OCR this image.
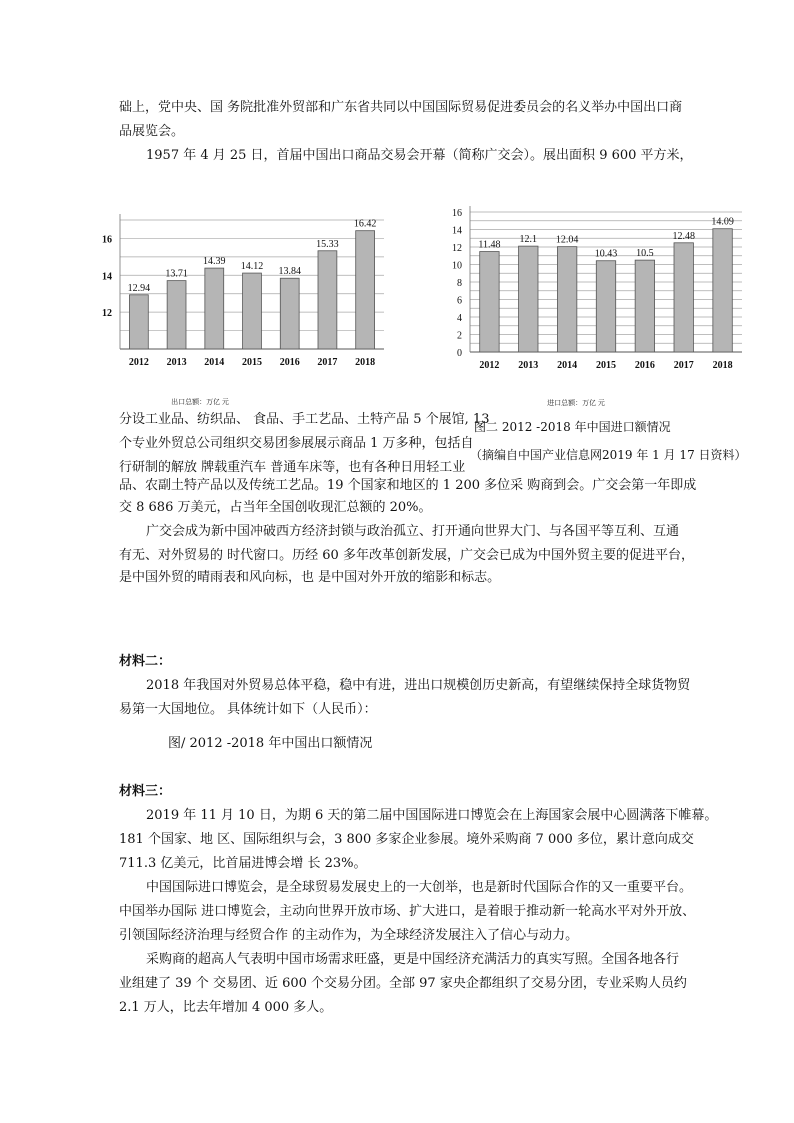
础上，党中央、国 务院批准外贸部和广东省共同以中国国际贸易促进委员会的名义举办中国出口商
品展览会。
1957 年 4 月 25 日，首届中国出口商品交易会开幕（简称广交会）。展出面积 9 600 平方米，
16
14
12
12.94
2012
13.71
2013
14.39
2014
14.12
2015
13.84
2016
15.33
2017
16.42
2018
出口总额：万亿 元
0
2
4
6
8
10
12
14
16
11.48
2012
12.1
2013
12.04
2014
10.43
2015
10.5
2016
12.48
2017
14.09
2018
进口总额：万亿 元
分设工业品、纺织品、 食品、手工艺品、土特产品 5 个展馆, 13
个专业外贸总公司组织交易团参展展示商品 1 万多种，包括自
行研制的解放 牌载重汽车 普通车床等，也有各种日用轻工业
品、农副土特产品以及传统工艺品。19 个国家和地区的 1 200 多位采 购商到会。广交会第一年即成
交 8 686 万美元，占当年全国创收现汇总额的 20%。
图二 2012 -2018 年中国进口额情况
（摘编自中国产业信息网2019 年 1 月 17 日资料）
广交会成为新中国冲破西方经济封锁与政治孤立、打开通向世界大门、与各国平等互利、互通
有无、对外贸易的 时代窗口。历经 60 多年改革创新发展，广交会已成为中国外贸主要的促进平台，
是中国外贸的晴雨表和风向标，也 是中国对外开放的缩影和标志。
材料二：
2018 年我国对外贸易总体平稳，稳中有进，进出口规模创历史新高，有望继续保持全球货物贸
易第一大国地位。 具体统计如下（人民币）：
图/ 2012 -2018 年中国出口额情况
材料三：
2019 年 11 月 10 日，为期 6 天的第二届中国国际进口博览会在上海国家会展中心圆满落下帷幕。
181 个国家、地 区、国际组织与会，3 800 多家企业参展。境外采购商 7 000 多位，累计意向成交
711.3 亿美元，比首届进博会增 长 23%。
中国国际进口博览会，是全球贸易发展史上的一大创举，也是新时代国际合作的又一重要平台。
中国举办国际 进口博览会，主动向世界开放市场、扩大进口，是着眼于推动新一轮高水平对外开放、
引领国际经济治理与经贸合作 的主动作为，为全球经济发展注入了信心与动力。
采购商的超高人气表明中国市场需求旺盛，更是中国经济充满活力的真实写照。全国各地各行
业组建了 39 个 交易团、近 600 个交易分团。全部 97 家央企都组织了交易分团，专业采购人员约
2.1 万人，比去年增加 4 000 多人。
